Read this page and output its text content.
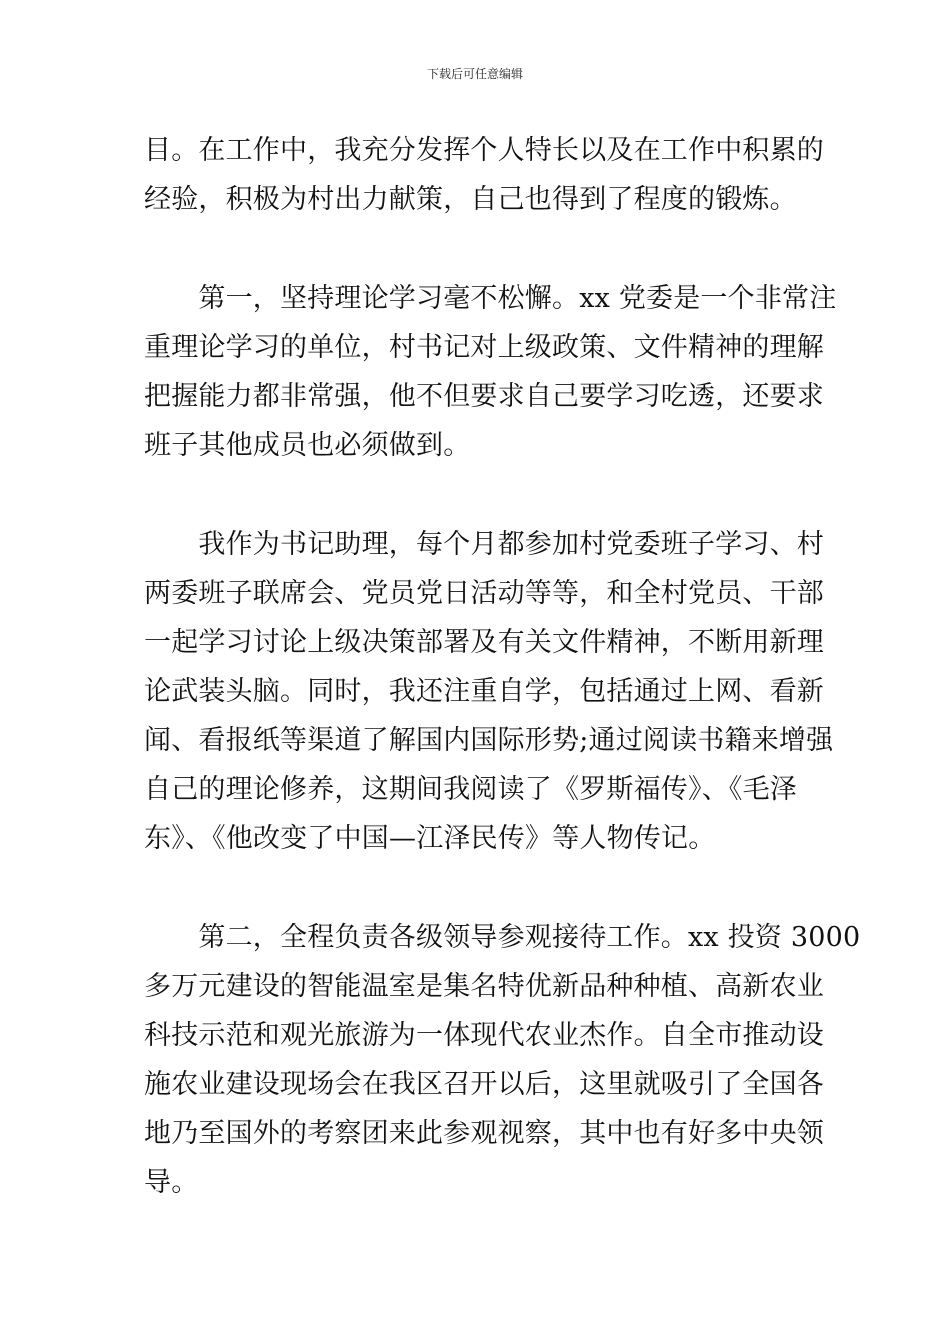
下载后可任意编辑
目。在工作中，我充分发挥个人特长以及在工作中积累的
经验，积极为村出力献策，自己也得到了程度的锻炼。
　　第一，坚持理论学习毫不松懈。xx 党委是一个非常注
重理论学习的单位，村书记对上级政策、文件精神的理解
把握能力都非常强，他不但要求自己要学习吃透，还要求
班子其他成员也必须做到。
　　我作为书记助理，每个月都参加村党委班子学习、村
两委班子联席会、党员党日活动等等，和全村党员、干部
一起学习讨论上级决策部署及有关文件精神，不断用新理
论武装头脑。同时，我还注重自学，包括通过上网、看新
闻、看报纸等渠道了解国内国际形势;通过阅读书籍来增强
自己的理论修养，这期间我阅读了《罗斯福传》、《毛泽
东》、《他改变了中国—江泽民传》等人物传记。
　　第二，全程负责各级领导参观接待工作。xx 投资 3000
多万元建设的智能温室是集名特优新品种种植、高新农业
科技示范和观光旅游为一体现代农业杰作。自全市推动设
施农业建设现场会在我区召开以后，这里就吸引了全国各
地乃至国外的考察团来此参观视察，其中也有好多中央领
导。
